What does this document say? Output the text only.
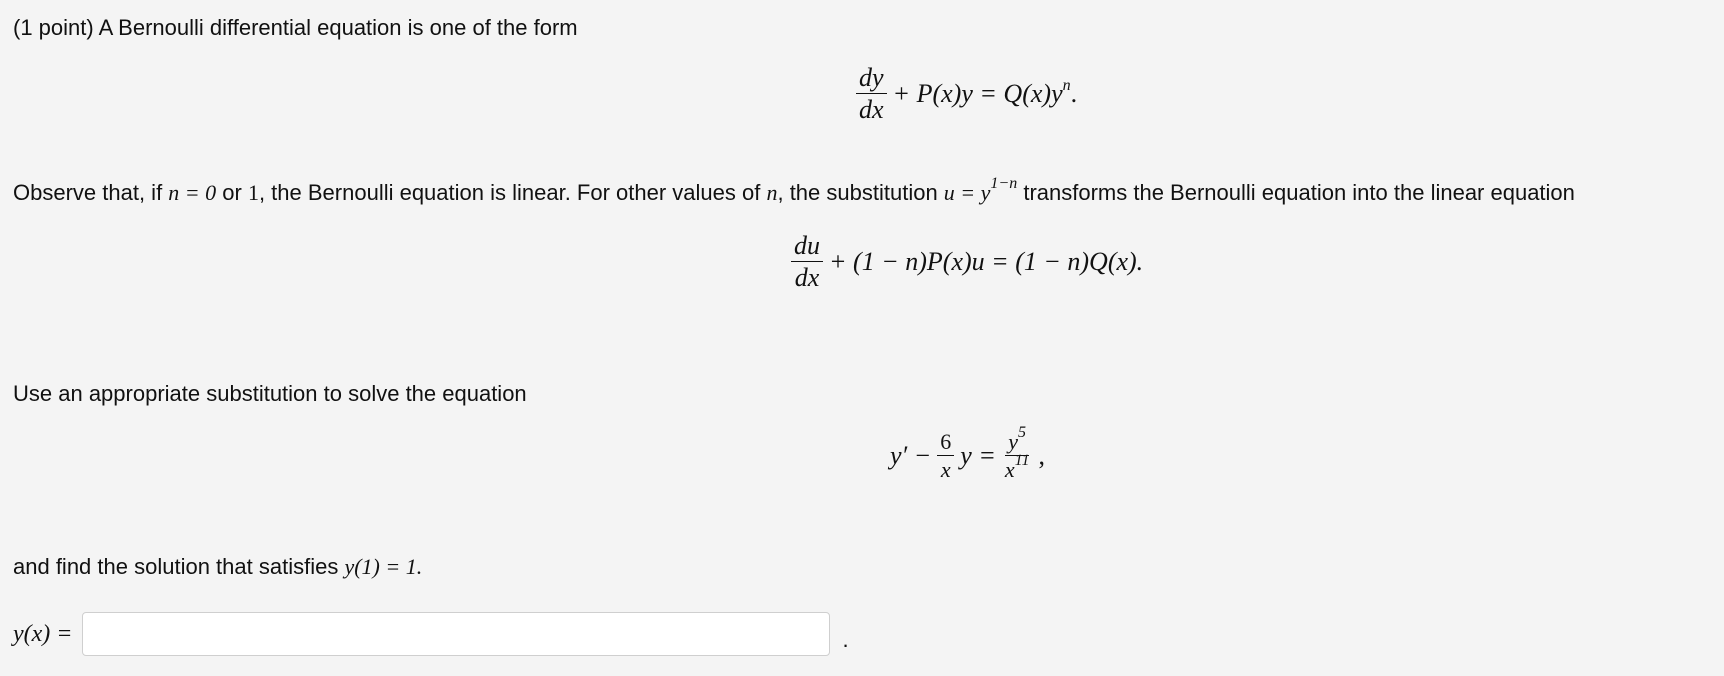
(1 point) A Bernoulli differential equation is one of the form
$\frac{dy}{dx} + P(x)y = Q(x)$ $y^n$ .
Observe that, if n = 0 or 1, the Bernoulli equation is linear. For other values of n, the substitution $u = y^{1-n}$ transforms the Bernoulli equation into the linear equation
$\frac{du}{dx} + (1 - n)P(x)u = (1 - n)Q(x)$.
Use an appropriate substitution to solve the equation
$y' - \frac{6}{x}$ $y = \frac{y^5}{x^{11}}$ ,
and find the solution that satisfies y(1) = 1.
y(x) =	.
